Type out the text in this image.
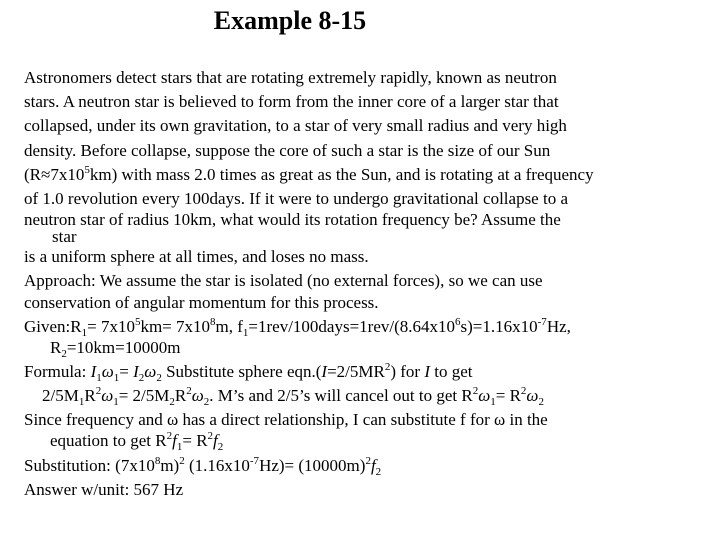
Example 8-15
Astronomers detect stars that are rotating extremely rapidly, known as neutron
stars. A neutron star is believed to form from the inner core of a larger star that
collapsed, under its own gravitation, to a star of very small radius and very high
density. Before collapse, suppose the core of such a star is the size of our Sun
$(R\approx 7x10^5km)$ with mass 2.0 times as great as the Sun, and is rotating at a frequency
of 1.0 revolution every 100days. If it were to undergo gravitational collapse to a
neutron star of radius 10km, what would its rotation frequency be? Assume the
star
is a uniform sphere at all times, and loses no mass.
Approach: We assume the star is isolated (no external forces), so we can use
conservation of angular momentum for this process.
$Given:R_1= 7x10^5km= 7x10^8m$, $f_1=1rev/100days=1rev/(8.64x10^6s)=1.16x10^{-7}Hz$,
$R_2=10km=10000m$
Formula: $I_1\omega_1= I_2\omega_2$ Substitute sphere $eqn.(I=2/5MR^2)$ for I to get
$2/5M_1R^2\omega_1= 2/5M_2R^2\omega_2$. M’s and 2/5’s will cancel out to get $R^2\omega_1= R^2\omega_2$
Since frequency and ω has a direct relationship, I can substitute f for ω in the
equation to get $R^2f_1= R^2f_2$
Substitution: $(7x10^8m)^2$ $(1.16x10^{-7}Hz)= (10000m)^2f_2$
Answer w/unit: 567 Hz
